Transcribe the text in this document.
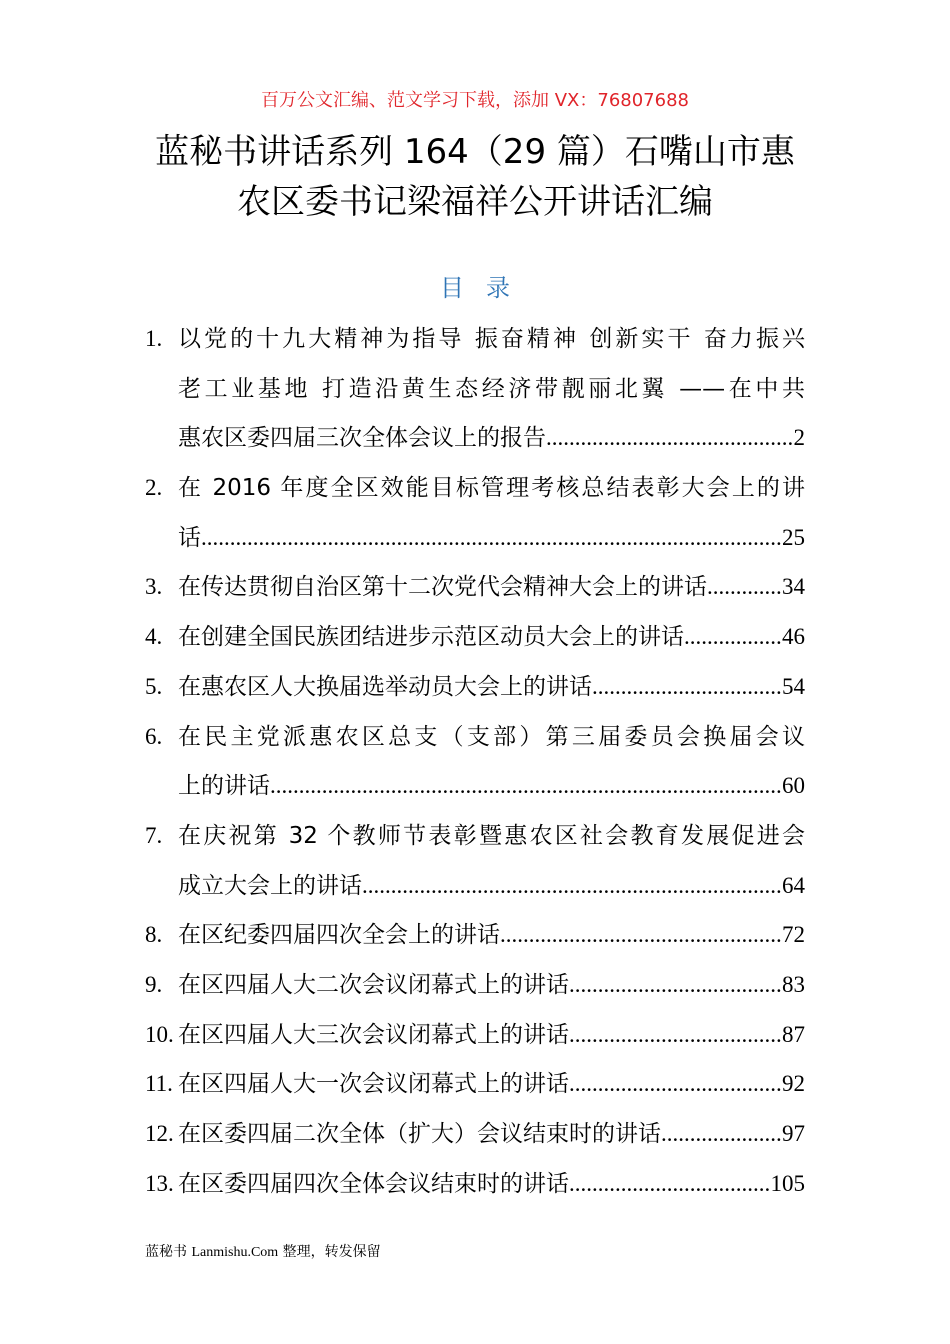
百万公文汇编、范文学习下载，添加 VX：76807688
蓝秘书讲话系列 164（29 篇）石嘴山市惠
农区委书记梁福祥公开讲话汇编
目录
1. 以党的十九大精神为指导 振奋精神 创新实干 奋力振兴
老工业基地 打造沿黄生态经济带靓丽北翼 ——在中共
惠农区委四届三次全体会议上的报告 .....	2
2. 在 2016 年度全区效能目标管理考核总结表彰大会上的讲
话 .....	25
3. 在传达贯彻自治区第十二次党代会精神大会上的讲话 .....	34
4. 在创建全国民族团结进步示范区动员大会上的讲话 .....	46
5. 在惠农区人大换届选举动员大会上的讲话 .....	54
6. 在民主党派惠农区总支（支部）第三届委员会换届会议
上的讲话 .....	60
7. 在庆祝第 32 个教师节表彰暨惠农区社会教育发展促进会
成立大会上的讲话 .....	64
8. 在区纪委四届四次全会上的讲话 .....	72
9. 在区四届人大二次会议闭幕式上的讲话 .....	83
10. 在区四届人大三次会议闭幕式上的讲话 .....	87
11. 在区四届人大一次会议闭幕式上的讲话 .....	92
12. 在区委四届二次全体（扩大）会议结束时的讲话 .....	97
13. 在区委四届四次全体会议结束时的讲话 .....	105
蓝秘书 Lanmishu.Com 整理，转发保留
